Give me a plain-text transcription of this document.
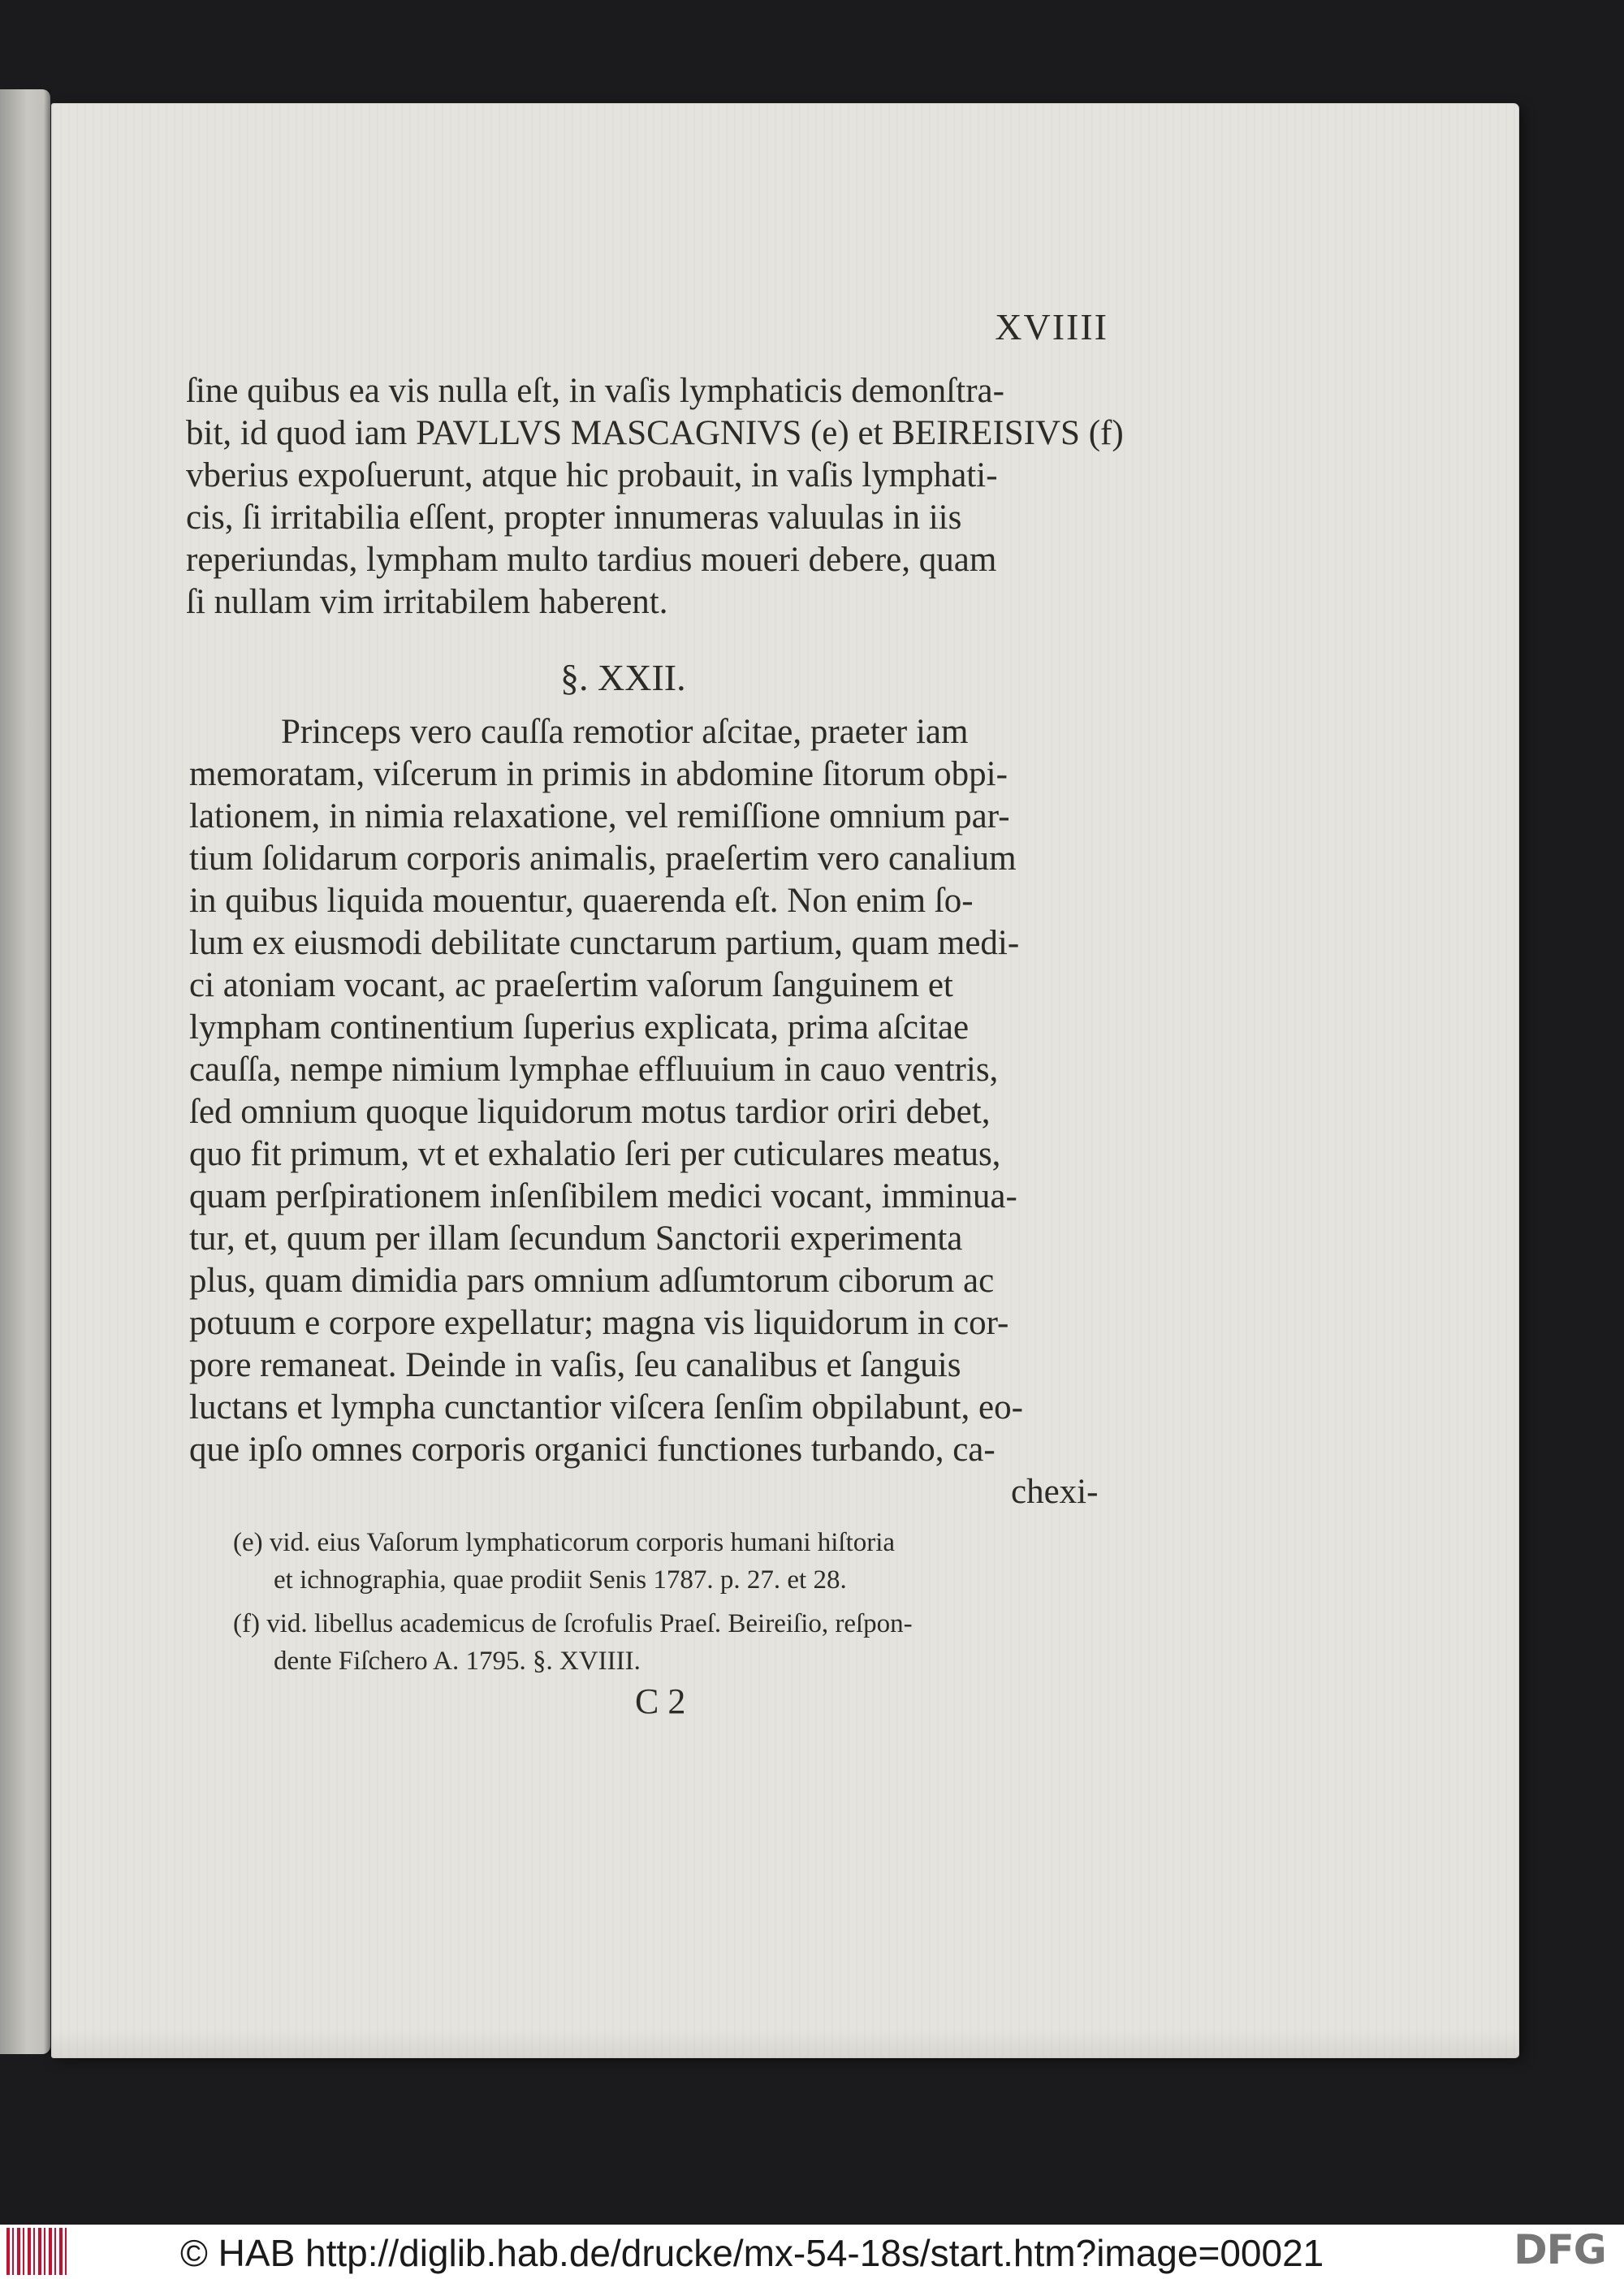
XVIIII

ſine quibus ea vis nulla eſt, in vaſis lymphaticis demonſtra-

bit, id quod iam PAVLLVS MASCAGNIVS (e) et BEIREISIVS (f)

vberius expoſuerunt, atque hic probauit, in vaſis lymphati-

cis, ſi irritabilia eſſent, propter innumeras valuulas in iis

reperiundas, lympham multo tardius moueri debere, quam

ſi nullam vim irritabilem haberent.

§. XXII.

Princeps vero cauſſa remotior aſcitae, praeter iam

memoratam, viſcerum in primis in abdomine ſitorum obpi-

lationem, in nimia relaxatione, vel remiſſione omnium par-

tium ſolidarum corporis animalis, praeſertim vero canalium

in quibus liquida mouentur, quaerenda eſt. Non enim ſo-

lum ex eiusmodi debilitate cunctarum partium, quam medi-

ci atoniam vocant, ac praeſertim vaſorum ſanguinem et

lympham continentium ſuperius explicata, prima aſcitae

cauſſa, nempe nimium lymphae effluuium in cauo ventris,

ſed omnium quoque liquidorum motus tardior oriri debet,

quo fit primum, vt et exhalatio ſeri per cuticulares meatus,

quam perſpirationem inſenſibilem medici vocant, imminua-

tur, et, quum per illam ſecundum Sanctorii experimenta

plus, quam dimidia pars omnium adſumtorum ciborum ac

potuum e corpore expellatur; magna vis liquidorum in cor-

pore remaneat. Deinde in vaſis, ſeu canalibus et ſanguis

luctans et lympha cunctantior viſcera ſenſim obpilabunt, eo-

que ipſo omnes corporis organici functiones turbando, ca-

chexi-

(e) vid. eius Vaſorum lymphaticorum corporis humani hiſtoria
et ichnographia, quae prodiit Senis 1787. p. 27. et 28.
(f) vid. libellus academicus de ſcrofulis Praeſ. Beireiſio, reſpon-
dente Fiſchero A. 1795. §. XVIIII.
C 2
© HAB http://diglib.hab.de/drucke/mx-54-18s/start.htm?image=00021	DFG
